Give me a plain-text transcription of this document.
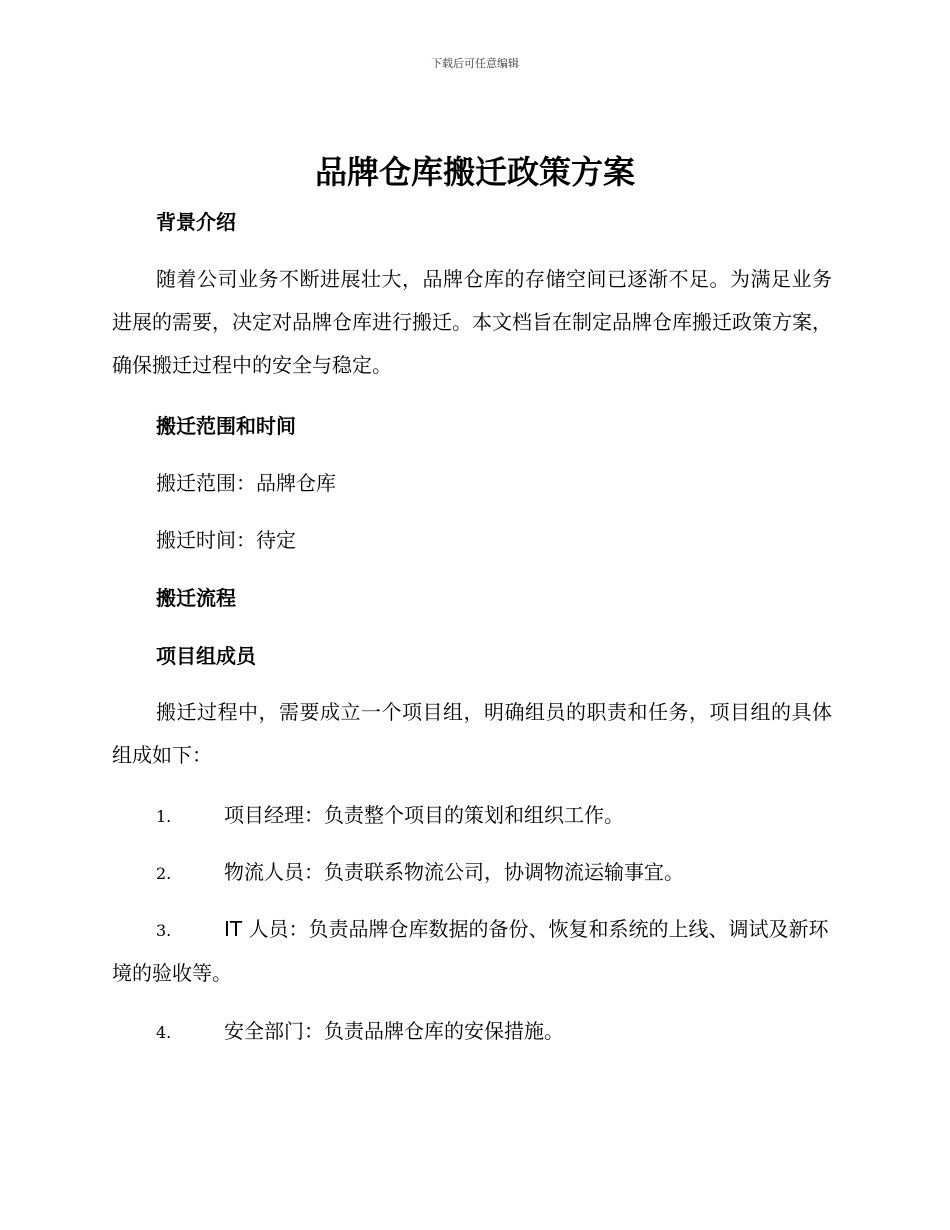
下载后可任意编辑
品牌仓库搬迁政策方案
背景介绍

随着公司业务不断进展壮大，品牌仓库的存储空间已逐渐不足。为满足业务进展的需要，决定对品牌仓库进行搬迁。本文档旨在制定品牌仓库搬迁政策方案，确保搬迁过程中的安全与稳定。

搬迁范围和时间

搬迁范围：品牌仓库

搬迁时间：待定

搬迁流程
项目组成员

搬迁过程中，需要成立一个项目组，明确组员的职责和任务，项目组的具体组成如下：

1.	项目经理：负责整个项目的策划和组织工作。

2.	物流人员：负责联系物流公司，协调物流运输事宜。

3.	IT 人员：负责品牌仓库数据的备份、恢复和系统的上线、调试及新环境的验收等。

4.	安全部门：负责品牌仓库的安保措施。
